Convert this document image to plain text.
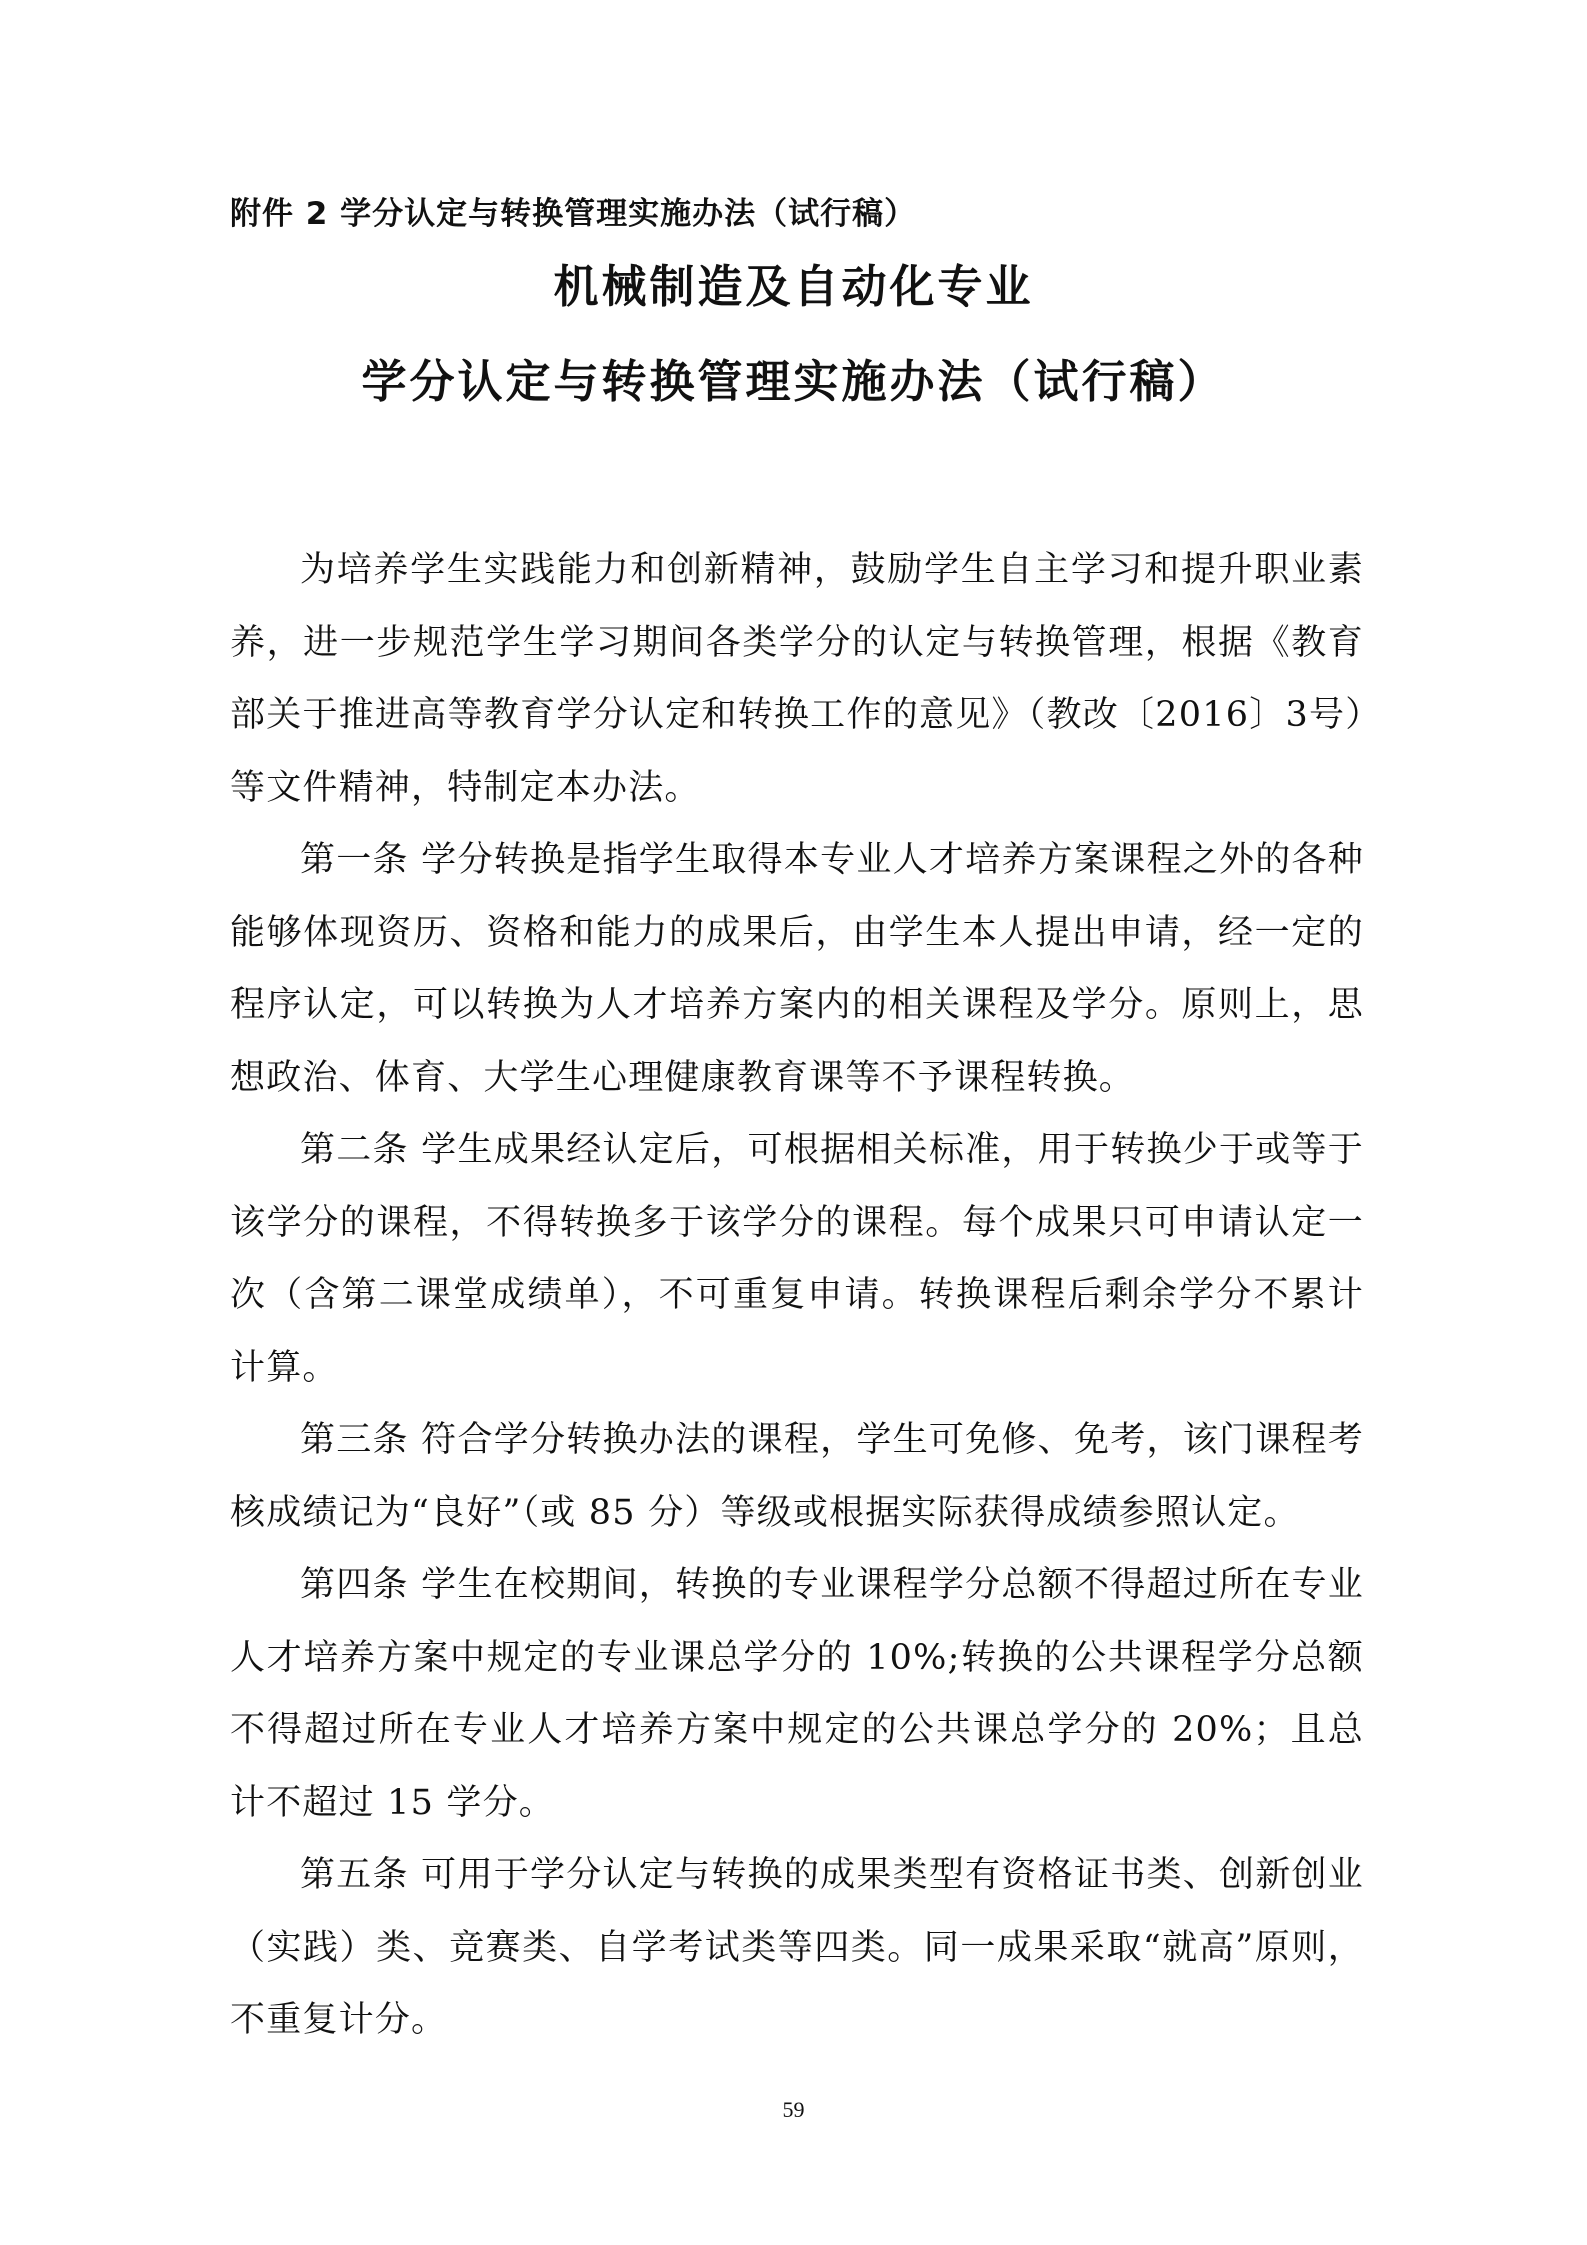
附件 2 学分认定与转换管理实施办法（试行稿）
机械制造及自动化专业
学分认定与转换管理实施办法（试行稿）

为培养学生实践能力和创新精神，鼓励学生自主学习和提升职业素养，进一步规范学生学习期间各类学分的认定与转换管理，根据《教育部关于推进高等教育学分认定和转换工作的意见》（教改〔2016〕3号）等文件精神，特制定本办法。

第一条 学分转换是指学生取得本专业人才培养方案课程之外的各种能够体现资历、资格和能力的成果后，由学生本人提出申请，经一定的程序认定，可以转换为人才培养方案内的相关课程及学分。原则上，思想政治、体育、大学生心理健康教育课等不予课程转换。

第二条 学生成果经认定后，可根据相关标准，用于转换少于或等于该学分的课程，不得转换多于该学分的课程。每个成果只可申请认定一次（含第二课堂成绩单），不可重复申请。转换课程后剩余学分不累计计算。

第三条 符合学分转换办法的课程，学生可免修、免考，该门课程考核成绩记为“良好”（或 85 分）等级或根据实际获得成绩参照认定。

第四条 学生在校期间，转换的专业课程学分总额不得超过所在专业人才培养方案中规定的专业课总学分的 10%;转换的公共课程学分总额不得超过所在专业人才培养方案中规定的公共课总学分的 20%；且总计不超过 15 学分。

第五条 可用于学分认定与转换的成果类型有资格证书类、创新创业（实践）类、竞赛类、自学考试类等四类。同一成果采取“就高”原则，不重复计分。

59
